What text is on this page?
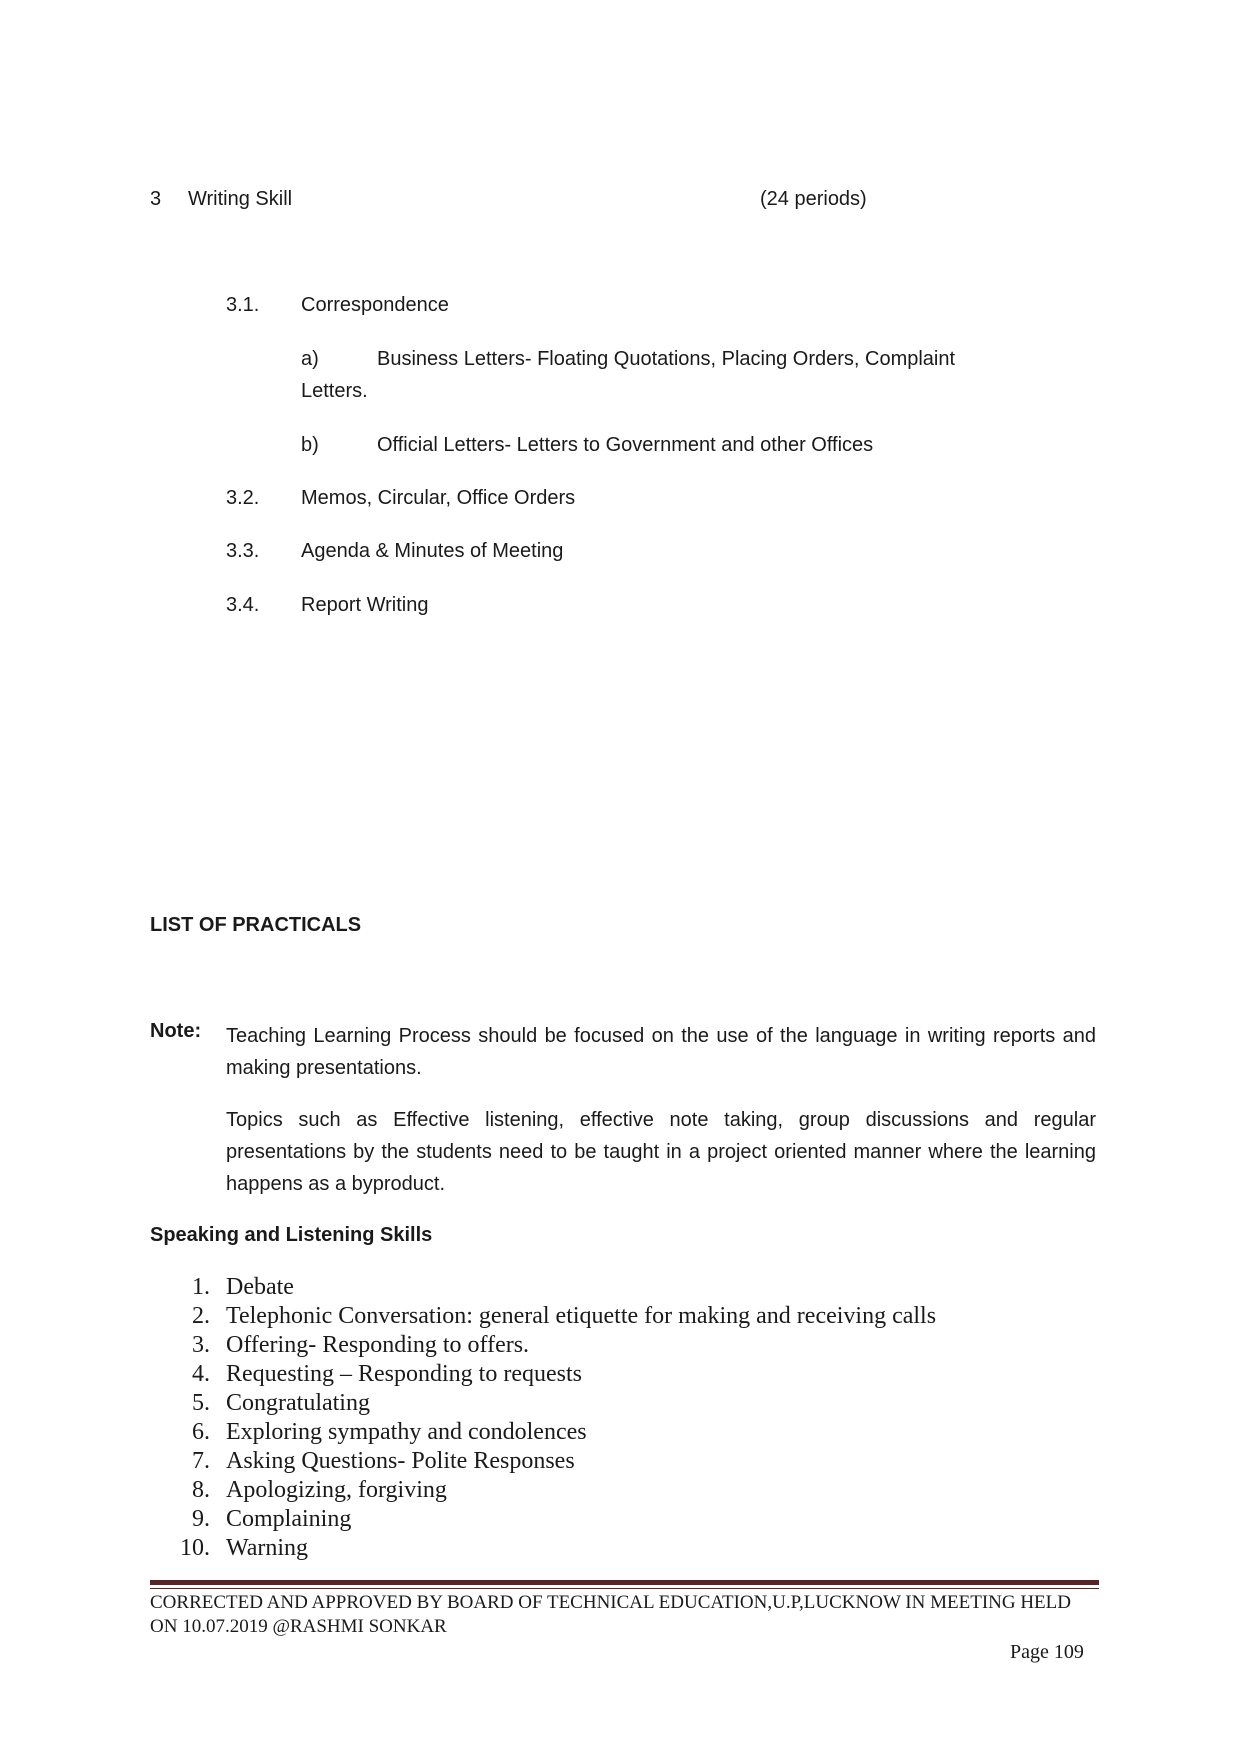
3 Writing Skill	(24 periods)
3.1. Correspondence
a)	Business Letters- Floating Quotations, Placing Orders, Complaint
Letters.
b)	Official Letters- Letters to Government and other Offices
3.2. Memos, Circular, Office Orders
3.3. Agenda & Minutes of Meeting
3.4. Report Writing
LIST OF PRACTICALS
Note: Teaching Learning Process should be focused on the use of the language in writing reports and making presentations.
Topics such as Effective listening, effective note taking, group discussions and regular presentations by the students need to be taught in a project oriented manner where the learning happens as a byproduct.
Speaking and Listening Skills
1. Debate
2. Telephonic Conversation: general etiquette for making and receiving calls
3. Offering- Responding to offers.
4. Requesting – Responding to requests
5. Congratulating
6. Exploring sympathy and condolences
7. Asking Questions- Polite Responses
8. Apologizing, forgiving
9. Complaining
10. Warning
CORRECTED AND APPROVED BY BOARD OF TECHNICAL EDUCATION,U.P,LUCKNOW IN MEETING HELD
ON 10.07.2019 @RASHMI SONKAR
Page 109
